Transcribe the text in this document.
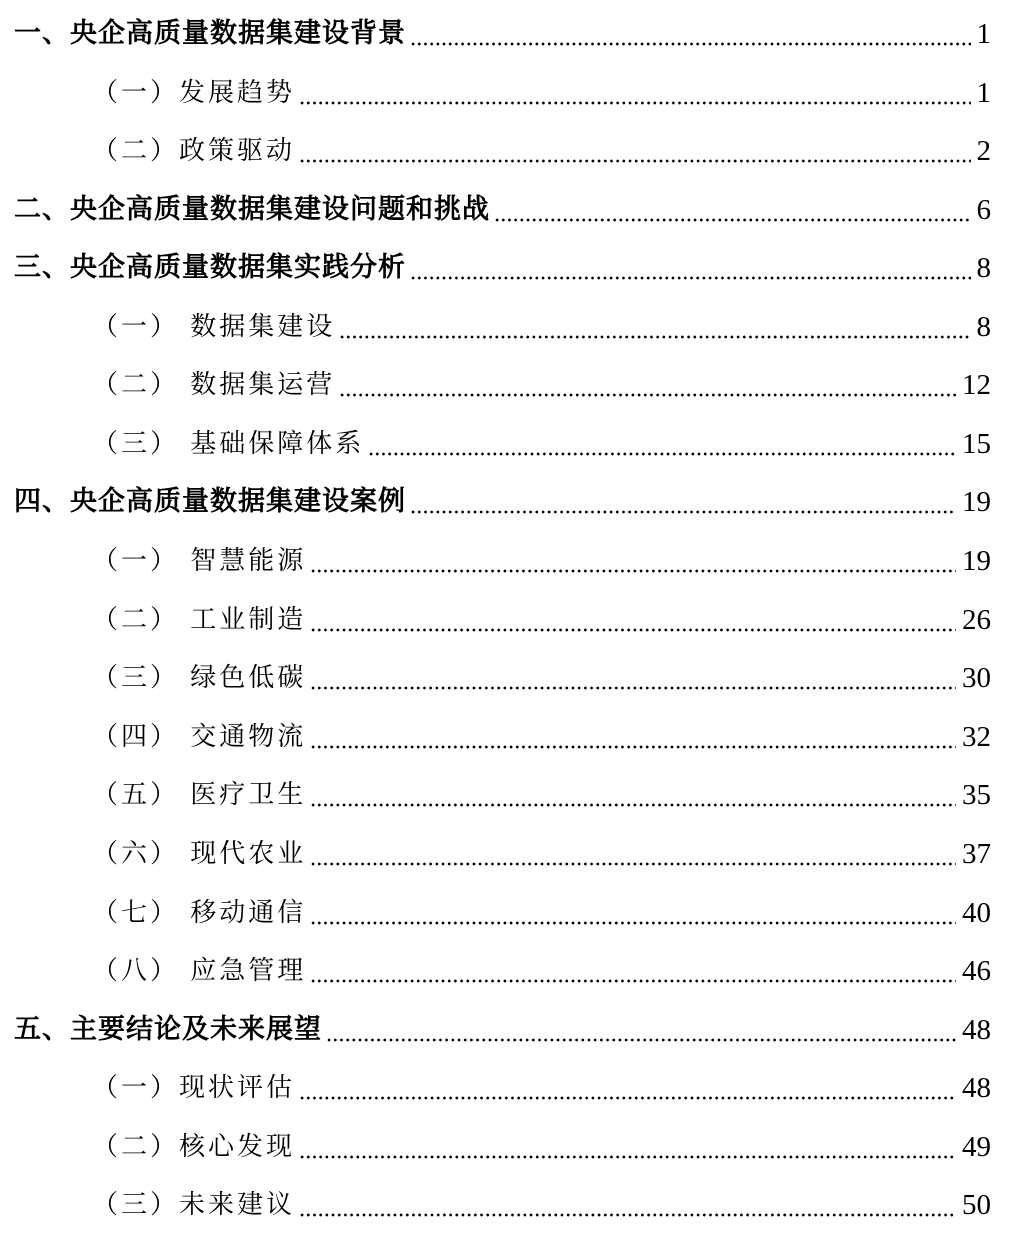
一、央企高质量数据集建设背景	1
（一）发展趋势	1
（二）政策驱动	2
二、央企高质量数据集建设问题和挑战	6
三、央企高质量数据集实践分析	8
（一） 数据集建设	8
（二） 数据集运营	12
（三） 基础保障体系	15
四、央企高质量数据集建设案例	19
（一） 智慧能源	19
（二） 工业制造	26
（三） 绿色低碳	30
（四） 交通物流	32
（五） 医疗卫生	35
（六） 现代农业	37
（七） 移动通信	40
（八） 应急管理	46
五、主要结论及未来展望	48
（一）现状评估	48
（二）核心发现	49
（三）未来建议	50
